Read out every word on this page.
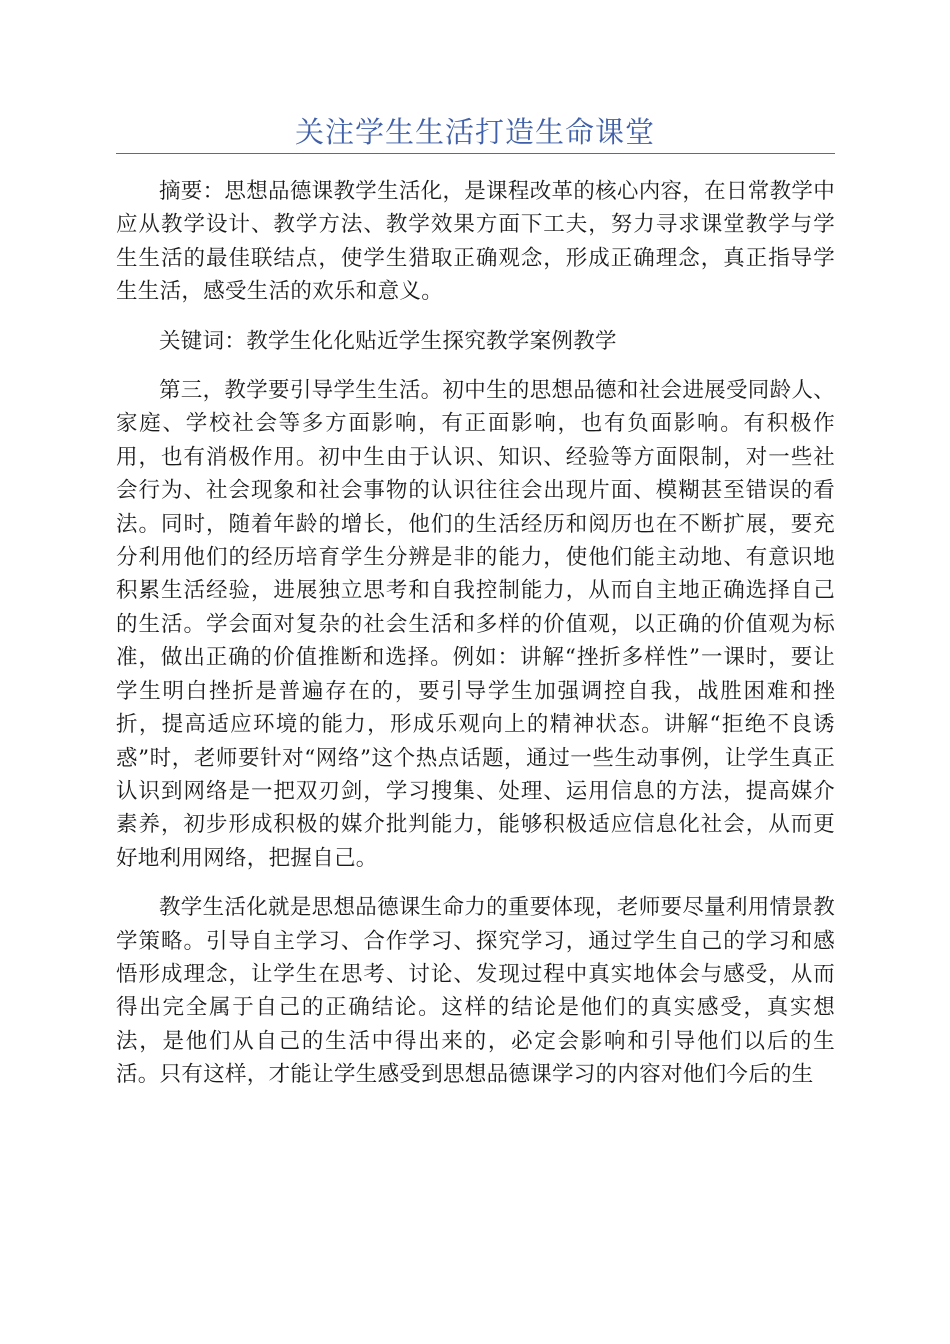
关注学生生活打造生命课堂

摘要：思想品德课教学生活化，是课程改革的核心内容，在日常教学中应从教学设计、教学方法、教学效果方面下工夫，努力寻求课堂教学与学生生活的最佳联结点，使学生猎取正确观念，形成正确理念，真正指导学生生活，感受生活的欢乐和意义。

关键词：教学生化化贴近学生探究教学案例教学

第三，教学要引导学生生活。初中生的思想品德和社会进展受同龄人、家庭、学校社会等多方面影响，有正面影响，也有负面影响。有积极作用，也有消极作用。初中生由于认识、知识、经验等方面限制，对一些社会行为、社会现象和社会事物的认识往往会出现片面、模糊甚至错误的看法。同时，随着年龄的增长，他们的生活经历和阅历也在不断扩展，要充分利用他们的经历培育学生分辨是非的能力，使他们能主动地、有意识地积累生活经验，进展独立思考和自我控制能力，从而自主地正确选择自己的生活。学会面对复杂的社会生活和多样的价值观，以正确的价值观为标准，做出正确的价值推断和选择。例如：讲解“挫折多样性”一课时，要让学生明白挫折是普遍存在的，要引导学生加强调控自我，战胜困难和挫折，提高适应环境的能力，形成乐观向上的精神状态。讲解“拒绝不良诱惑”时，老师要针对“网络”这个热点话题，通过一些生动事例，让学生真正认识到网络是一把双刃剑，学习搜集、处理、运用信息的方法，提高媒介素养，初步形成积极的媒介批判能力，能够积极适应信息化社会，从而更好地利用网络，把握自己。

教学生活化就是思想品德课生命力的重要体现，老师要尽量利用情景教学策略。引导自主学习、合作学习、探究学习，通过学生自己的学习和感悟形成理念，让学生在思考、讨论、发现过程中真实地体会与感受，从而得出完全属于自己的正确结论。这样的结论是他们的真实感受，真实想法，是他们从自己的生活中得出来的，必定会影响和引导他们以后的生活。只有这样，才能让学生感受到思想品德课学习的内容对他们今后的生
